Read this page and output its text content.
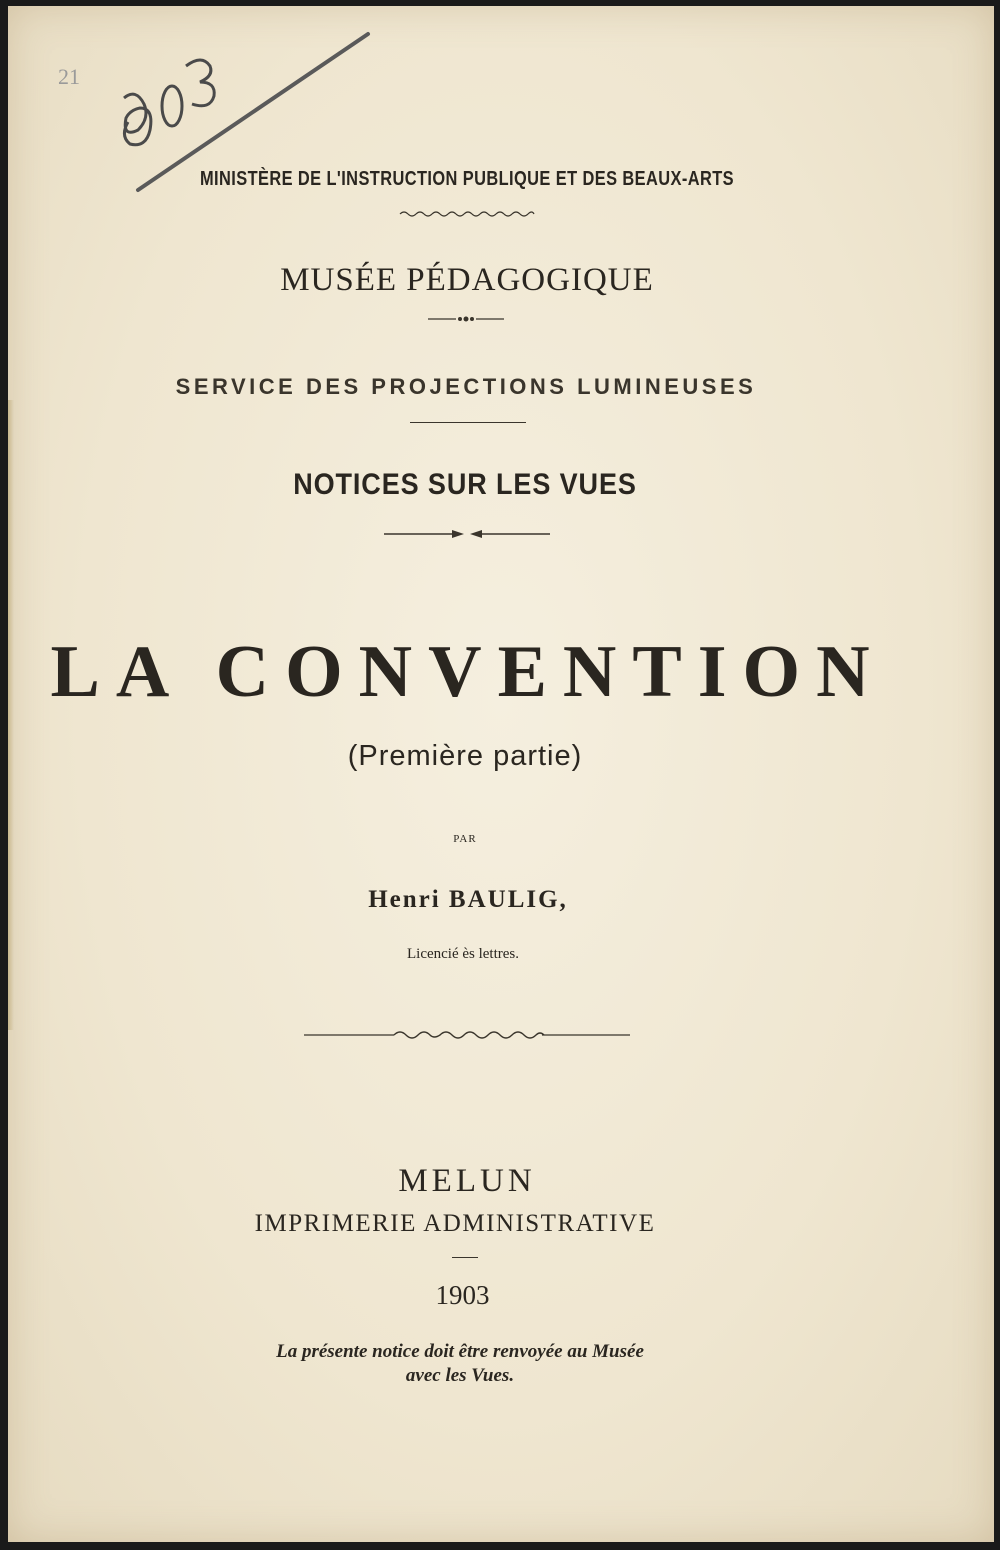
21
MINISTÈRE DE L'INSTRUCTION PUBLIQUE ET DES BEAUX-ARTS
MUSÉE PÉDAGOGIQUE
SERVICE DES PROJECTIONS LUMINEUSES
NOTICES SUR LES VUES
LA CONVENTION
(Première partie)
PAR
Henri BAULIG,
Licencié ès lettres.
MELUN
IMPRIMERIE ADMINISTRATIVE
1903
La présente notice doit être renvoyée au Musée
avec les Vues.
